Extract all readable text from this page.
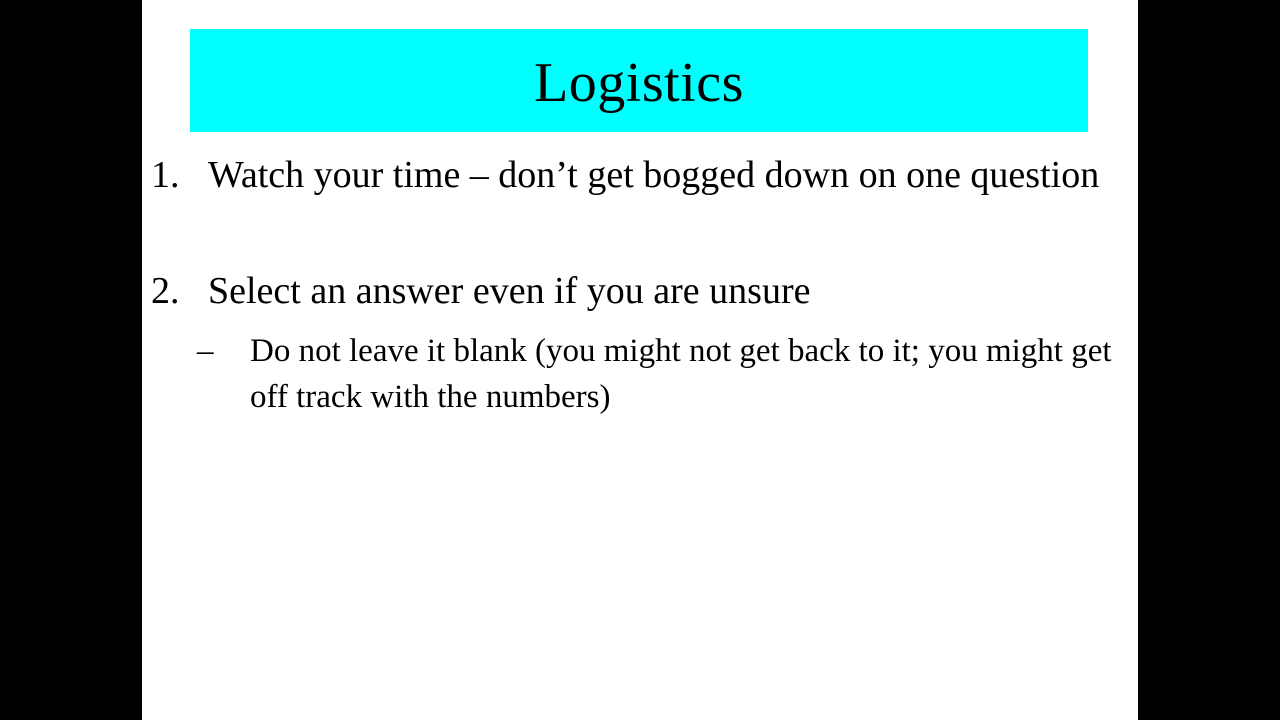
Logistics
1. Watch your time – don’t get bogged down on one question
2. Select an answer even if you are unsure
–	Do not leave it blank (you might not get back to it; you might get off track with the numbers)
